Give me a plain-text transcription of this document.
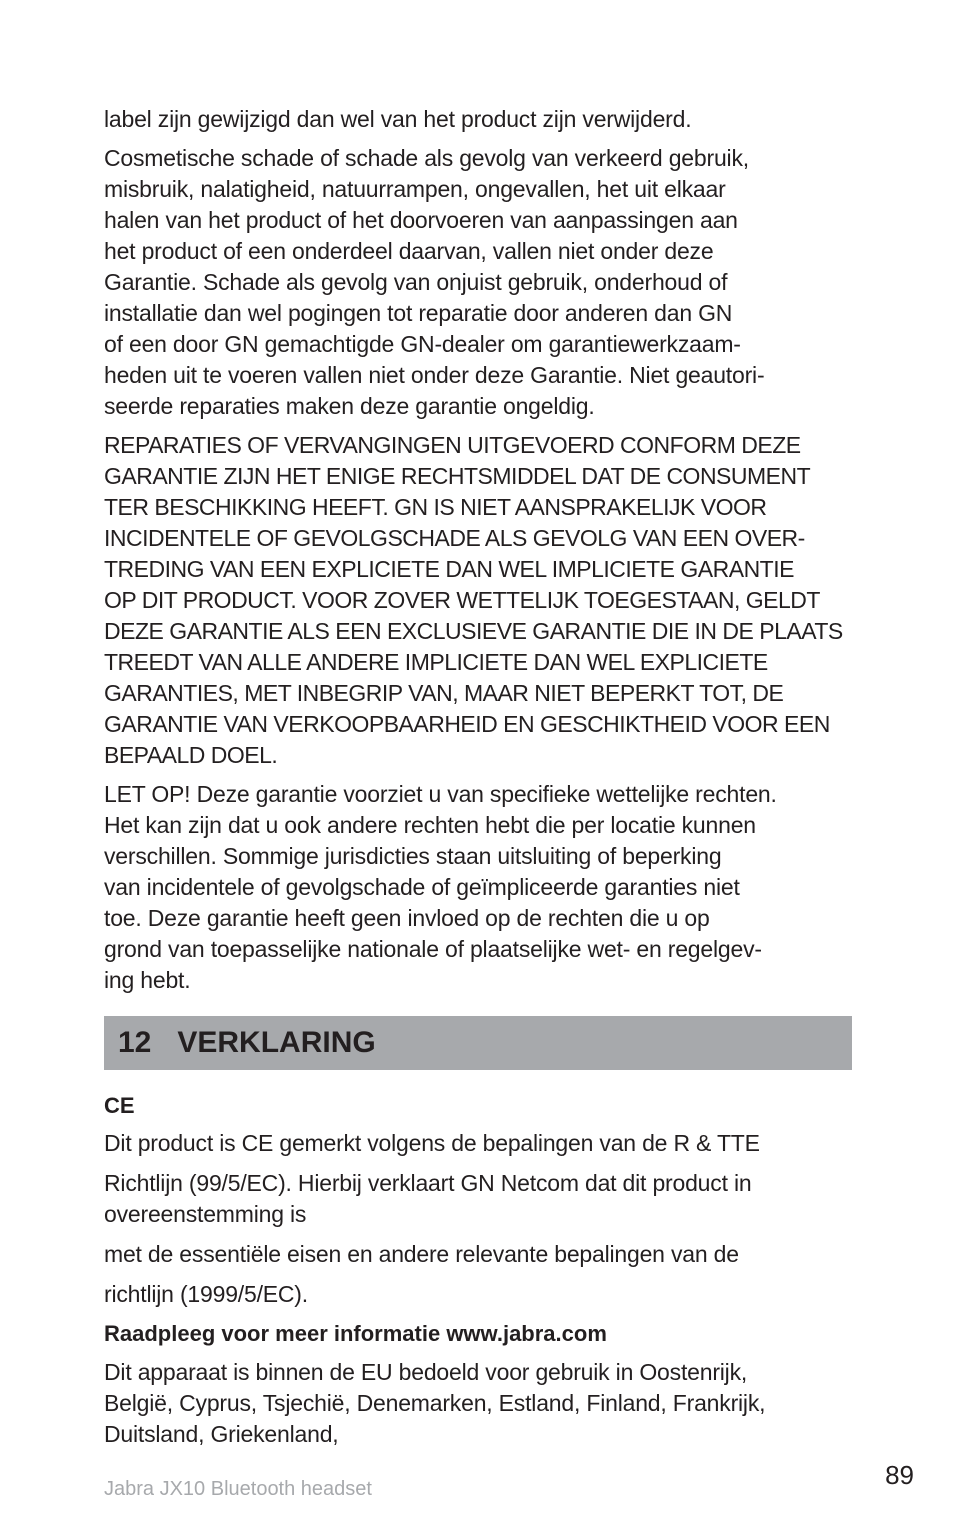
label zijn gewijzigd dan wel van het product zijn verwijderd.
Cosmetische schade of schade als gevolg van verkeerd gebruik,
misbruik, nalatigheid, natuurrampen, ongevallen, het uit elkaar
halen van het product of het doorvoeren van aanpassingen aan
het product of een onderdeel daarvan, vallen niet onder deze
Garantie. Schade als gevolg van onjuist gebruik, onderhoud of
installatie dan wel pogingen tot reparatie door anderen dan GN
of een door GN gemachtigde GN-dealer om garantiewerkzaam-
heden uit te voeren vallen niet onder deze Garantie. Niet geautori-
seerde reparaties maken deze garantie ongeldig.
REPARATIES OF VERVANGINGEN UITGEVOERD CONFORM DEZE
GARANTIE ZIJN HET ENIGE RECHTSMIDDEL DAT DE CONSUMENT
TER BESCHIKKING HEEFT. GN IS NIET AANSPRAKELIJK VOOR
INCIDENTELE OF GEVOLGSCHADE ALS GEVOLG VAN EEN OVER-
TREDING VAN EEN EXPLICIETE DAN WEL IMPLICIETE GARANTIE
OP DIT PRODUCT. VOOR ZOVER WETTELIJK TOEGESTAAN, GELDT
DEZE GARANTIE ALS EEN EXCLUSIEVE GARANTIE DIE IN DE PLAATS
TREEDT VAN ALLE ANDERE IMPLICIETE DAN WEL EXPLICIETE
GARANTIES, MET INBEGRIP VAN, MAAR NIET BEPERKT TOT, DE
GARANTIE VAN VERKOOPBAARHEID EN GESCHIKTHEID VOOR EEN
BEPAALD DOEL.
LET OP! Deze garantie voorziet u van specifieke wettelijke rechten.
Het kan zijn dat u ook andere rechten hebt die per locatie kunnen
verschillen. Sommige jurisdicties staan uitsluiting of beperking
van incidentele of gevolgschade of geïmpliceerde garanties niet
toe. Deze garantie heeft geen invloed op de rechten die u op
grond van toepasselijke nationale of plaatselijke wet- en regelgev-
ing hebt.
12 VERKLARING
CE
Dit product is CE gemerkt volgens de bepalingen van de R & TTE
Richtlijn (99/5/EC). Hierbij verklaart GN Netcom dat dit product in
overeenstemming is
met de essentiële eisen en andere relevante bepalingen van de
richtlijn (1999/5/EC).
Raadpleeg voor meer informatie www.jabra.com
Dit apparaat is binnen de EU bedoeld voor gebruik in Oostenrijk,
België, Cyprus, Tsjechië, Denemarken, Estland, Finland, Frankrijk,
Duitsland, Griekenland,
Jabra JX10 Bluetooth headset	89
